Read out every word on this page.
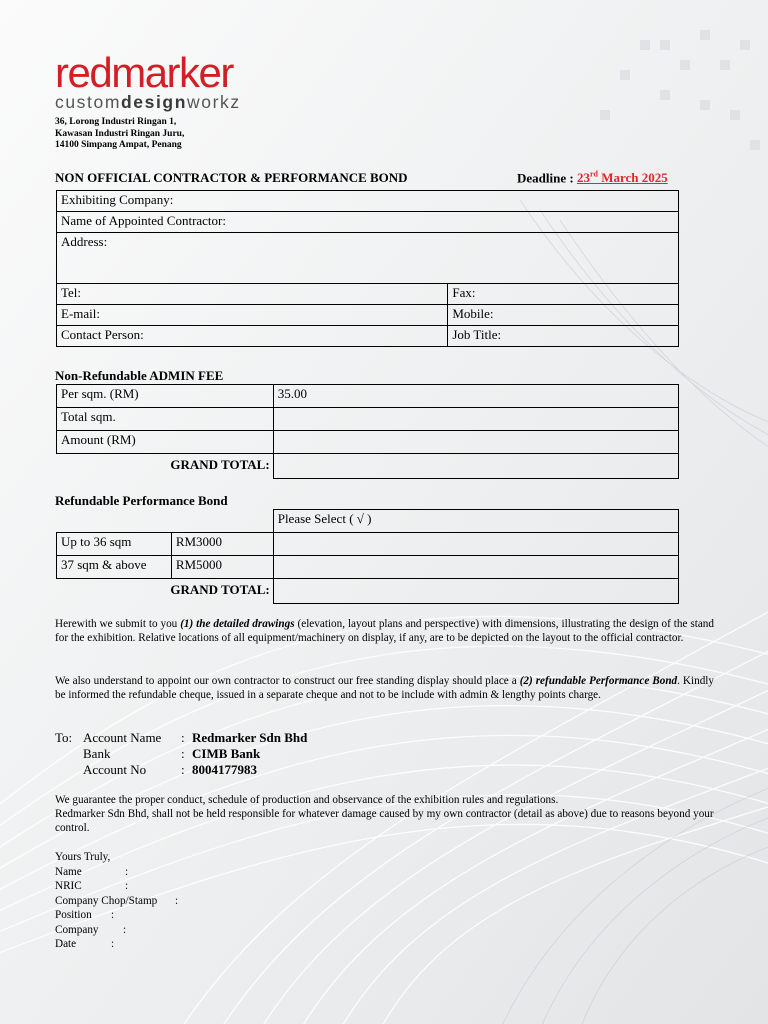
redmarker
customdesignworkz
36, Lorong Industri Ringan 1,
Kawasan Industri Ringan Juru,
14100 Simpang Ampat, Penang
NON OFFICIAL CONTRACTOR & PERFORMANCE BOND	Deadline : 23rd March 2025
Exhibiting Company:	
Name of Appointed Contractor:	
Address:	
Tel:	Fax:
E-mail:	Mobile:
Contact Person:	Job Title:
Non-Refundable ADMIN FEE
Per sqm. (RM)	35.00
Total sqm.	
Amount (RM)	
GRAND TOTAL:	
Refundable Performance Bond
		Please Select ( √ )
Up to 36 sqm	RM3000	
37 sqm & above	RM5000	
GRAND TOTAL:		
Herewith we submit to you (1) the detailed drawings (elevation, layout plans and perspective) with dimensions, illustrating the design of the stand for the exhibition. Relative locations of all equipment/machinery on display, if any, are to be depicted on the layout to the official contractor.
We also understand to appoint our own contractor to construct our free standing display should place a (2) refundable Performance Bond. Kindly be informed the refundable cheque, issued in a separate cheque and not to be include with admin & lengthy points charge.
To: Account Name : Redmarker Sdn Bhd
Bank	: CIMB Bank
Account No	: 8004177983
We guarantee the proper conduct, schedule of production and observance of the exhibition rules and regulations.
Redmarker Sdn Bhd, shall not be held responsible for whatever damage caused by my own contractor (detail as above) due to reasons beyond your control.
Yours Truly,
Name	:
NRIC	:
Company Chop/Stamp :
Position :
Company :
Date	:
